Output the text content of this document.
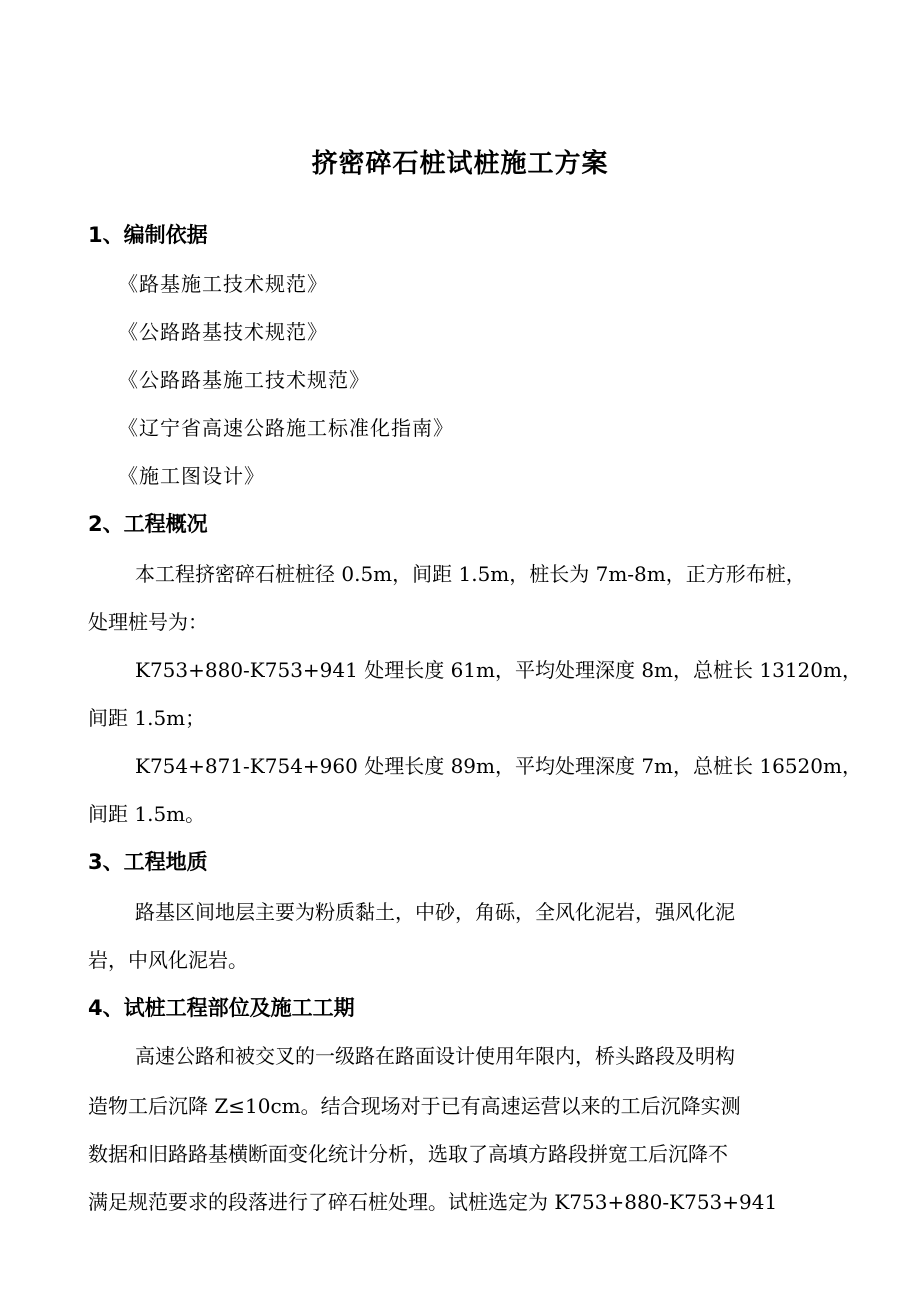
挤密碎石桩试桩施工方案
1、编制依据
《路基施工技术规范》
《公路路基技术规范》
《公路路基施工技术规范》
《辽宁省高速公路施工标准化指南》
《施工图设计》
2、工程概况
本工程挤密碎石桩桩径 0.5m，间距 1.5m，桩长为 7m-8m，正方形布桩，
处理桩号为：
K753+880-K753+941 处理长度 61m，平均处理深度 8m，总桩长 13120m，
间距 1.5m；
K754+871-K754+960 处理长度 89m，平均处理深度 7m，总桩长 16520m，
间距 1.5m。
3、工程地质
路基区间地层主要为粉质黏土，中砂，角砾，全风化泥岩，强风化泥
岩，中风化泥岩。
4、试桩工程部位及施工工期
高速公路和被交叉的一级路在路面设计使用年限内，桥头路段及明构
造物工后沉降 Z≤10cm。结合现场对于已有高速运营以来的工后沉降实测
数据和旧路路基横断面变化统计分析，选取了高填方路段拼宽工后沉降不
满足规范要求的段落进行了碎石桩处理。试桩选定为 K753+880-K753+941
